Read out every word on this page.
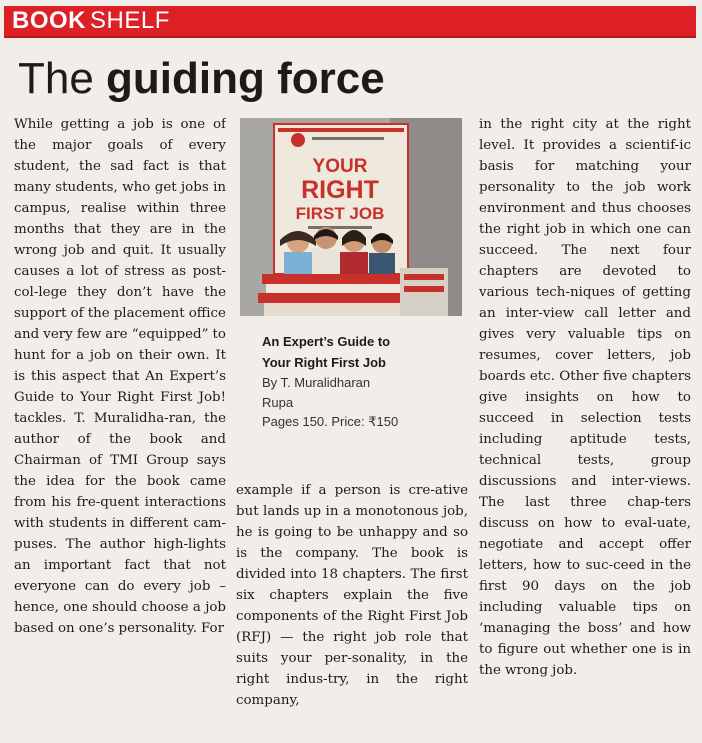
BOOK SHELF
The guiding force

While getting a job is one of the major goals of every student, the sad fact is that many students, who get jobs in campus, realise within three months that they are in the wrong job and quit. It usually causes a lot of stress as post-col-lege they don’t have the support of the placement office and very few are “equipped” to hunt for a job on their own. It is this aspect that An Expert’s Guide to Your Right First Job! tackles. T. Muralidha-ran, the author of the book and Chairman of TMI Group says the idea for the book came from his fre-quent interactions with students in different cam-puses. The author high-lights an important fact that not everyone can do every job – hence, one should choose a job based on one’s personality. For

YOUR
RIGHT
FIRST JOB
An Expert’s Guide to
Your Right First Job
By T. Muralidharan
Rupa
Pages 150. Price: ₹150

example if a person is cre-ative but lands up in a monotonous job, he is going to be unhappy and so is the company. The book is divided into 18 chapters. The first six chapters explain the five components of the Right First Job (RFJ) — the right job role that suits your per-sonality, in the right indus-try, in the right company,

in the right city at the right level. It provides a scientif-ic basis for matching your personality to the job work environment and thus chooses the right job in which one can succeed. The next four chapters are devoted to various tech-niques of getting an inter-view call letter and gives very valuable tips on resumes, cover letters, job boards etc. Other five chapters give insights on how to succeed in selection tests including aptitude tests, technical tests, group discussions and inter-views. The last three chap-ters discuss on how to eval-uate, negotiate and accept offer letters, how to suc-ceed in the first 90 days on the job including valuable tips on ‘managing the boss’ and how to figure out whether one is in the wrong job.
